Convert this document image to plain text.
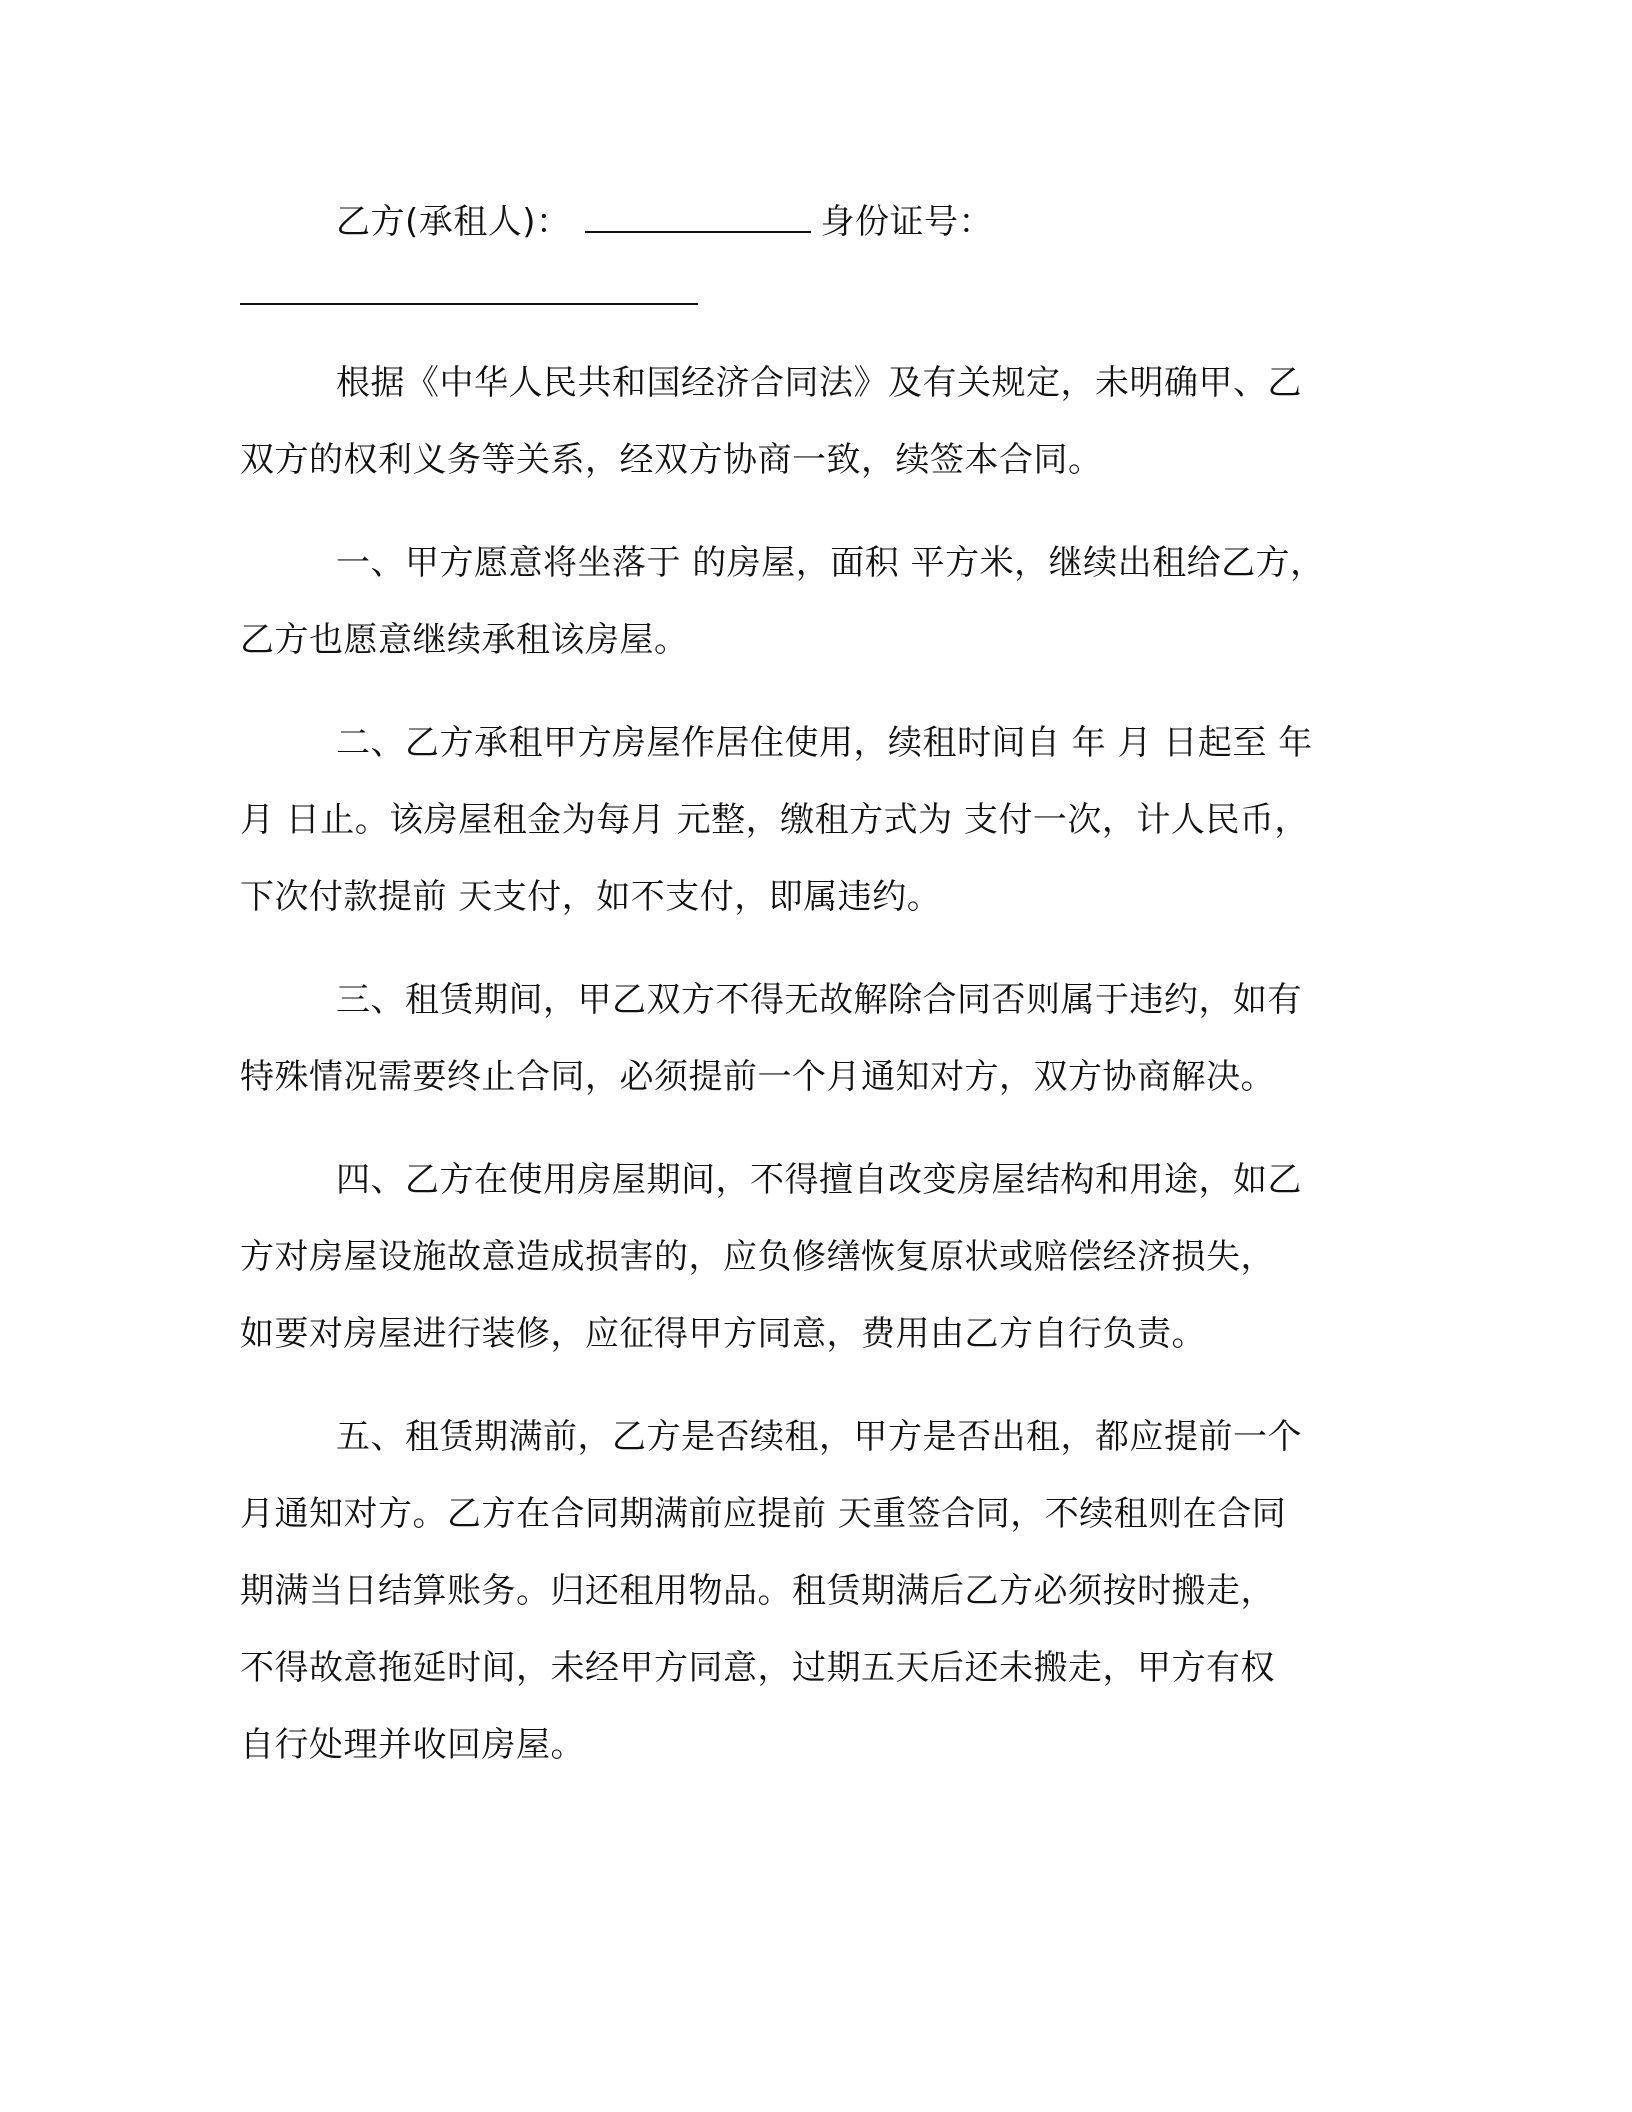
乙方(承租人)：	身份证号：
根据《中华人民共和国经济合同法》及有关规定，未明确甲、乙
双方的权利义务等关系，经双方协商一致，续签本合同。
一、甲方愿意将坐落于 的房屋，面积 平方米，继续出租给乙方，
乙方也愿意继续承租该房屋。
二、乙方承租甲方房屋作居住使用，续租时间自 年 月 日起至 年
月 日止。该房屋租金为每月 元整，缴租方式为 支付一次，计人民币，
下次付款提前 天支付，如不支付，即属违约。
三、租赁期间，甲乙双方不得无故解除合同否则属于违约，如有
特殊情况需要终止合同，必须提前一个月通知对方，双方协商解决。
四、乙方在使用房屋期间，不得擅自改变房屋结构和用途，如乙
方对房屋设施故意造成损害的，应负修缮恢复原状或赔偿经济损失，
如要对房屋进行装修，应征得甲方同意，费用由乙方自行负责。
五、租赁期满前，乙方是否续租，甲方是否出租，都应提前一个
月通知对方。乙方在合同期满前应提前 天重签合同，不续租则在合同
期满当日结算账务。归还租用物品。租赁期满后乙方必须按时搬走，
不得故意拖延时间，未经甲方同意，过期五天后还未搬走，甲方有权
自行处理并收回房屋。
